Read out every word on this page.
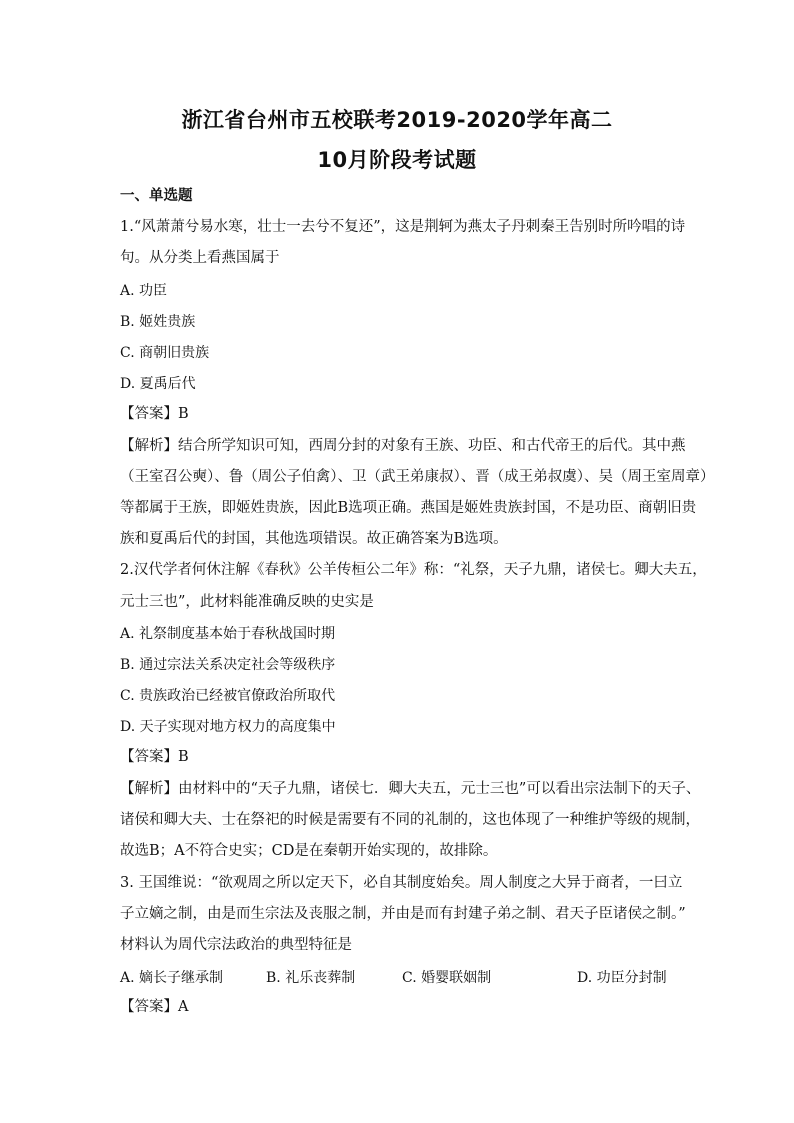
浙江省台州市五校联考2019-2020学年高二
10月阶段考试题
一、单选题
1.“风萧萧兮易水寒，壮士一去兮不复还”，这是荆轲为燕太子丹刺秦王告别时所吟唱的诗
句。从分类上看燕国属于
A. 功臣
B. 姬姓贵族
C. 商朝旧贵族
D. 夏禹后代
【答案】B
【解析】结合所学知识可知，西周分封的对象有王族、功臣、和古代帝王的后代。其中燕
（王室召公奭）、鲁（周公子伯禽）、卫（武王弟康叔）、晋（成王弟叔虞）、吴（周王室周章）
等都属于王族，即姬姓贵族，因此B选项正确。燕国是姬姓贵族封国，不是功臣、商朝旧贵
族和夏禹后代的封国，其他选项错误。故正确答案为B选项。
2.汉代学者何休注解《春秋》公羊传桓公二年》称：“礼祭，天子九鼎，诸侯七。卿大夫五，
元士三也”，此材料能准确反映的史实是
A. 礼祭制度基本始于春秋战国时期
B. 通过宗法关系决定社会等级秩序
C. 贵族政治已经被官僚政治所取代
D. 天子实现对地方权力的高度集中
【答案】B
【解析】由材料中的“天子九鼎，诸侯七．卿大夫五，元士三也”可以看出宗法制下的天子、
诸侯和卿大夫、士在祭祀的时候是需要有不同的礼制的，这也体现了一种维护等级的规制，
故选B；A不符合史实；CD是在秦朝开始实现的，故排除。
3. 王国维说：“欲观周之所以定天下，必自其制度始矣。周人制度之大异于商者，一曰立
子立嫡之制，由是而生宗法及丧服之制，并由是而有封建子弟之制、君天子臣诸侯之制。”
材料认为周代宗法政治的典型特征是
A. 嫡长子继承制	B. 礼乐丧葬制	C. 婚婴联姻制	D. 功臣分封制
【答案】A
